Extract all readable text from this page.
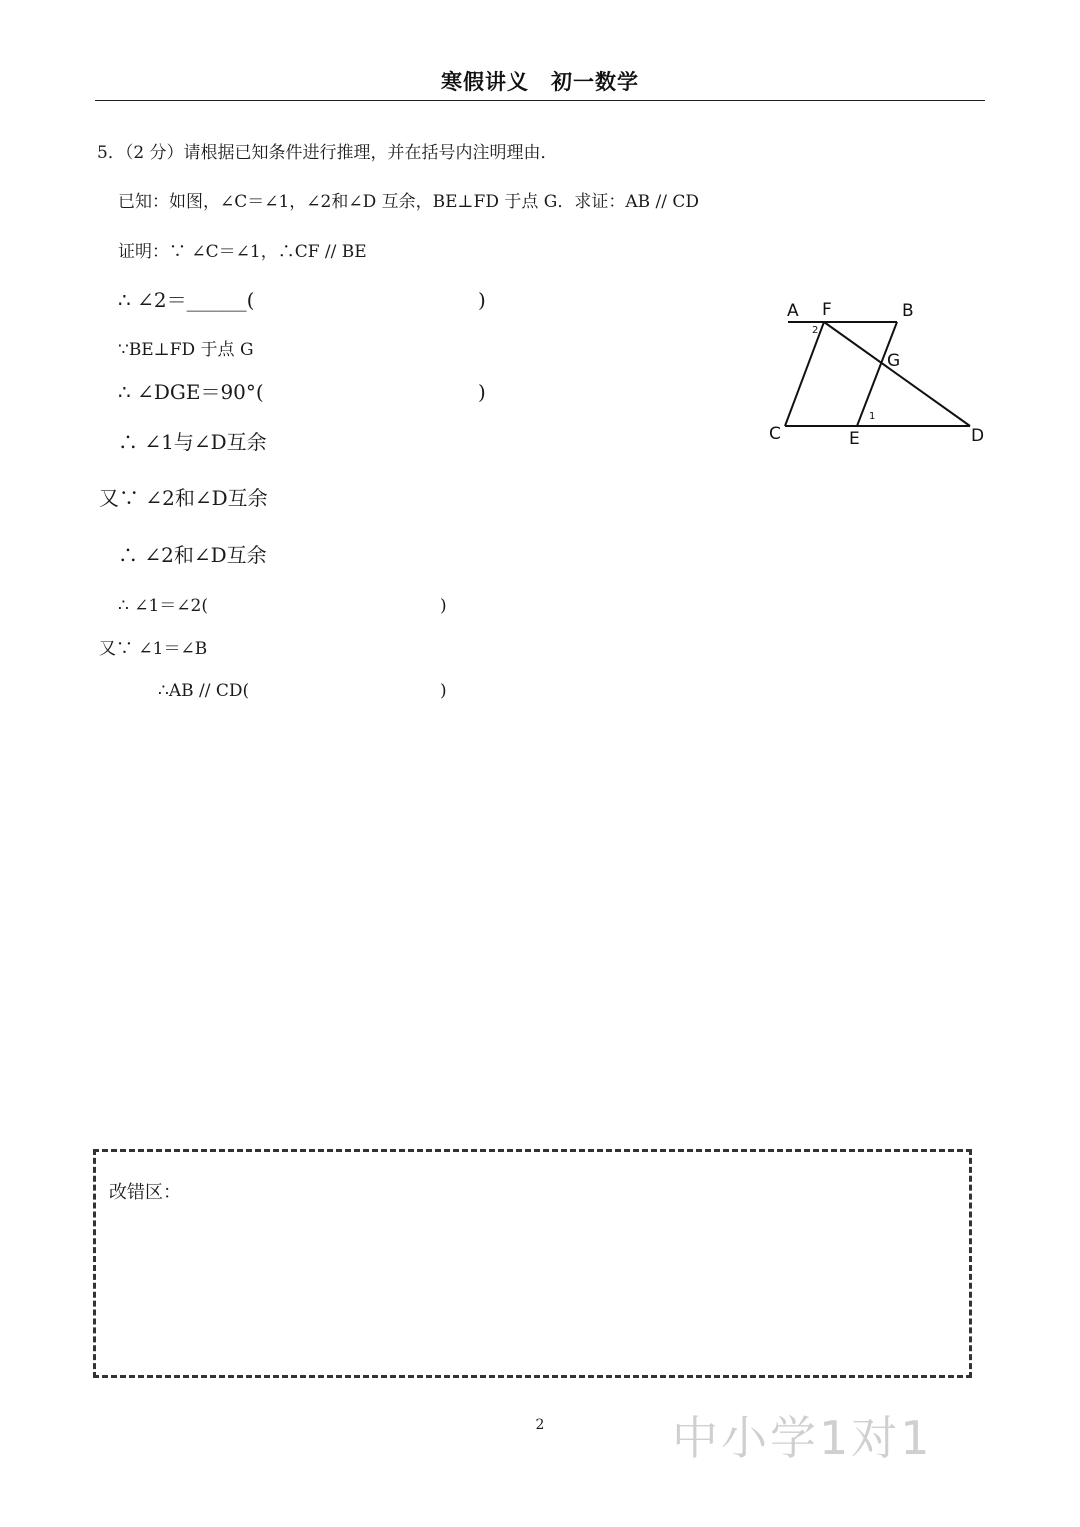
寒假讲义　初一数学
5．（2 分）请根据已知条件进行推理，并在括号内注明理由．
已知：如图，∠C＝∠1，∠2和∠D 互余，BE⊥FD 于点 G．求证：AB // CD
证明：∵ ∠C＝∠1，∴CF // BE
∴ ∠2＝______(	)
∵BE⊥FD 于点 G
∴ ∠DGE＝90°(	)
∴ ∠1与∠D互余
又∵ ∠2和∠D互余
∴ ∠2和∠D互余
∴ ∠1＝∠2(	)
又∵ ∠1＝∠B
∴AB // CD(	)
A F	B
G
C	E	D
2
1
改错区：
2	中小学1对1
